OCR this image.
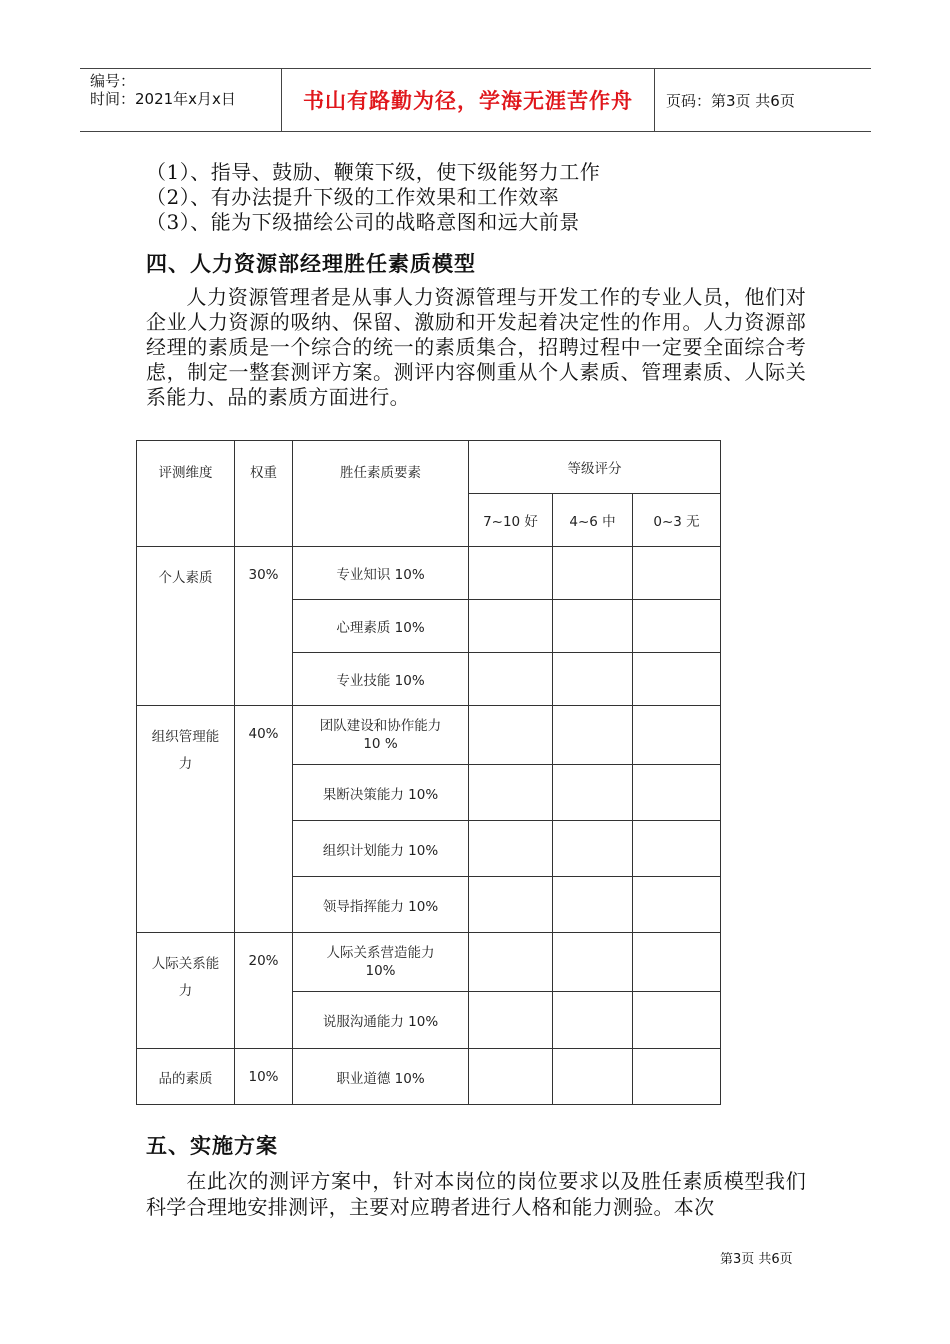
编号：
时间：2021年x月x日	书山有路勤为径，学海无涯苦作舟 页码：第3页 共6页
（1）、指导、鼓励、鞭策下级，使下级能努力工作
（2）、有办法提升下级的工作效果和工作效率
（3）、能为下级描绘公司的战略意图和远大前景
四、人力资源部经理胜任素质模型
人力资源管理者是从事人力资源管理与开发工作的专业人员，他们对企业人力资源的吸纳、保留、激励和开发起着决定性的作用。人力资源部经理的素质是一个综合的统一的素质集合，招聘过程中一定要全面综合考虑，制定一整套测评方案。测评内容侧重从个人素质、管理素质、人际关系能力、品的素质方面进行。
评测维度	权重	胜任素质要素	等级评分		
			7~10 好	4~6 中	0~3 无
个人素质	30%	专业知识 10%			
		心理素质 10%			
		专业技能 10%			

组织管理能力	40%	团队建设和协作能力 10 %			

		果断决策能力 10%			
		组织计划能力 10%			
		领导指挥能力 10%			

人际关系能力	20%	人际关系营造能力 10%			

		说服沟通能力 10%			
品的素质	10%	职业道德 10%			
五、实施方案
在此次的测评方案中，针对本岗位的岗位要求以及胜任素质模型我们科学合理地安排测评，主要对应聘者进行人格和能力测验。本次
第3页 共6页
